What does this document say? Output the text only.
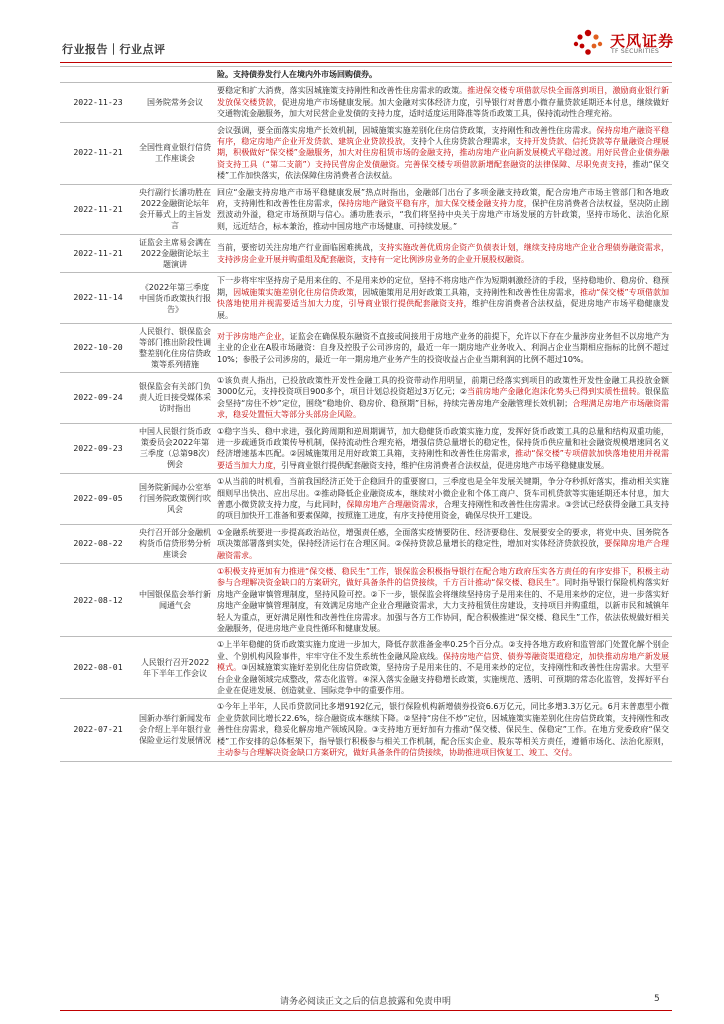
行业报告｜行业点评	天风证券
TF SECURITIES
		险。支持债券发行人在境内外市场回购债券。
2022-11-23	国务院常务会议	要稳定和扩大消费，落实因城施策支持刚性和改善性住房需求的政策。推进保交楼专项借款尽快全面落到项目，激励商业银行新发放保交楼贷款，促进房地产市场健康发展。加大金融对实体经济力度，引导银行对普惠小微存量贷款延期还本付息，继续做好交通物流金融服务，加大对民营企业发债的支持力度，适时适度运用降准等货币政策工具，保持流动性合理充裕。
2022-11-21	全国性商业银行信贷工作座谈会	会议强调，要全面落实房地产长效机制，因城施策实施差别化住房信贷政策，支持刚性和改善性住房需求。保持房地产融资平稳有序，稳定房地产企业开发贷款、建筑企业贷款投放，支持个人住房贷款合理需求，支持开发贷款、信托贷款等存量融资合理展期，积极做好“保交楼”金融服务，加大对住房租赁市场的金融支持，推动房地产业向新发展模式平稳过渡。用好民营企业债券融资支持工具（“第二支箭”）支持民营房企发债融资。完善保交楼专项借款新增配套融资的法律保障、尽职免责支持，推动“保交楼”工作加快落实，依法保障住房消费者合法权益。
2022-11-21	央行副行长潘功胜在2022金融街论坛年会开幕式上的主旨发言	回应“金融支持房地产市场平稳健康发展”热点时指出，金融部门出台了多项金融支持政策，配合房地产市场主管部门和各地政府，支持刚性和改善性住房需求，保持房地产融资平稳有序，加大保交楼金融支持力度，保护住房消费者合法权益，坚决防止剧烈波动外溢，稳定市场预期与信心。潘功胜表示，“我们将坚持中央关于房地产市场发展的方针政策，坚持市场化、法治化原则，远近结合，标本兼治，推动中国房地产市场健康、可持续发展。”
2022-11-21	证监会主席易会满在2022金融街论坛主题演讲	当前，要密切关注房地产行业面临困难挑战，支持实施改善优质房企资产负债表计划，继续支持房地产企业合理债券融资需求，支持涉房企业开展并购重组及配套融资，支持有一定比例涉房业务的企业开展股权融资。
2022-11-14	《2022年第三季度中国货币政策执行报告》	下一步将牢牢坚持房子是用来住的、不是用来炒的定位，坚持不将房地产作为短期刺激经济的手段，坚持稳地价、稳房价、稳预期，因城施策实施差别化住房信贷政策，因城施策用足用好政策工具箱，支持刚性和改善性住房需求，推动“保交楼”专项借款加快落地使用并视需要适当加大力度，引导商业银行提供配套融资支持，维护住房消费者合法权益，促进房地产市场平稳健康发展。
2022-10-20	人民银行、银保监会等部门推出阶段性调整差别化住房信贷政策等系列措施	对于涉房地产企业，证监会在确保股东融资不直接或间接用于房地产业务的前提下，允许以下存在少量涉房业务但不以房地产为主业的企业在A股市场融资：自身及控股子公司涉房的，最近一年一期房地产业务收入、利润占企业当期相应指标的比例不超过10%；参股子公司涉房的，最近一年一期房地产业务产生的投资收益占企业当期利润的比例不超过10%。
2022-09-24	银保监会有关部门负责人近日接受媒体采访时指出	①该负责人指出，已投放政策性开发性金融工具的投资带动作用明显，前期已经落实到项目的政策性开发性金融工具投放金额3000亿元，支持投资项目900多个，项目计划总投资超过3万亿元；②当前房地产金融化泡沫化势头已得到实质性扭转。银保监会坚持“房住不炒”定位，围绕“稳地价、稳房价、稳预期”目标，持续完善房地产金融管理长效机制；合理满足房地产市场融资需求，稳妥处置恒大等部分头部房企风险。
2022-09-23	中国人民银行货币政策委员会2022年第三季度（总第98次）例会	①稳字当头、稳中求进，强化跨周期和逆周期调节，加大稳健货币政策实施力度，发挥好货币政策工具的总量和结构双重功能，进一步疏通货币政策传导机制，保持流动性合理充裕，增强信贷总量增长的稳定性，保持货币供应量和社会融资规模增速同名义经济增速基本匹配。②因城施策用足用好政策工具箱，支持刚性和改善性住房需求，推动“保交楼”专项借款加快落地使用并视需要适当加大力度，引导商业银行提供配套融资支持，维护住房消费者合法权益，促进房地产市场平稳健康发展。
2022-09-05	国务院新闻办公室举行国务院政策例行吹风会	①从当前的时机看，当前我国经济正处于企稳回升的重要窗口，三季度也是全年发展关键期，争分夺秒抓好落实，推动相关实施细则早出快出、应出尽出。②推动降低企业融资成本，继续对小微企业和个体工商户、货车司机贷款等实施延期还本付息，加大普惠小微贷款支持力度，与此同时，保障房地产合理融资需求，合理支持刚性和改善性住房需求。③尝试已经获得金融工具支持的项目加快开工准备和要素保障，按照施工进度，有序支持使用资金，确保尽快开工建设。
2022-08-22	央行召开部分金融机构货币信贷形势分析座谈会	①金融系统要进一步提高政治站位，增强责任感，全面落实疫情要防住、经济要稳住、发展要安全的要求，将党中央、国务院各项决策部署落到实处，保持经济运行在合理区间。②保持贷款总量增长的稳定性，增加对实体经济贷款投放，要保障房地产合理融资需求。
2022-08-12	中国银保监会举行新闻通气会	①积极支持更加有力推进“保交楼、稳民生”工作，银保监会积极指导银行在配合地方政府压实各方责任的有序安排下，积极主动参与合理解决资金缺口的方案研究，做好具备条件的信贷接续，千方百计推动“保交楼、稳民生”。同时指导银行保险机构落实好房地产金融审慎管理制度，坚持风险可控。②下一步，银保监会将继续坚持房子是用来住的、不是用来炒的定位，进一步落实好房地产金融审慎管理制度，有效满足房地产企业合理融资需求，大力支持租赁住房建设，支持项目并购重组，以新市民和城镇年轻人为重点，更好满足刚性和改善性住房需求。加强与各方工作协同，配合积极推进“保交楼、稳民生”工作，依法依规做好相关金融服务，促进房地产业良性循环和健康发展。
2022-08-01	人民银行召开2022年下半年工作会议	①上半年稳健的货币政策实施力度进一步加大，降低存款准备金率0.25个百分点。②支持各地方政府和监管部门处置化解个别企业、个别机构风险事件，牢牢守住不发生系统性金融风险底线。保持房地产信贷、债券等融资渠道稳定，加快推动房地产新发展模式。③因城施策实施好差别化住房信贷政策，坚持房子是用来住的、不是用来炒的定位，支持刚性和改善性住房需求。大型平台企业金融领域完成整改，常态化监管。④深入落实金融支持稳增长政策，实施规范、透明、可预期的常态化监管，发挥好平台企业在促进发展、创造就业、国际竞争中的重要作用。
2022-07-21	国新办举行新闻发布会介绍上半年银行业保险业运行发展情况	①今年上半年，人民币贷款同比多增9192亿元，银行保险机构新增债券投资6.6万亿元，同比多增3.3万亿元。6月末普惠型小微企业贷款同比增长22.6%，综合融资成本继续下降。②坚持“房住不炒”定位，因城施策实施差别化住房信贷政策，支持刚性和改善性住房需求，稳妥化解房地产领域风险。③支持地方更好加有力推动“保交楼、保民生、保稳定”工作。在地方党委政府“保交楼”工作安排的总体框架下，指导银行积极参与相关工作机制，配合压实企业、股东等相关方责任，遵循市场化、法治化原则，主动参与合理解决资金缺口方案研究，做好具备条件的信贷接续，协助推进项目恢复工、竣工、交付。
请务必阅读正文之后的信息披露和免责申明	5
